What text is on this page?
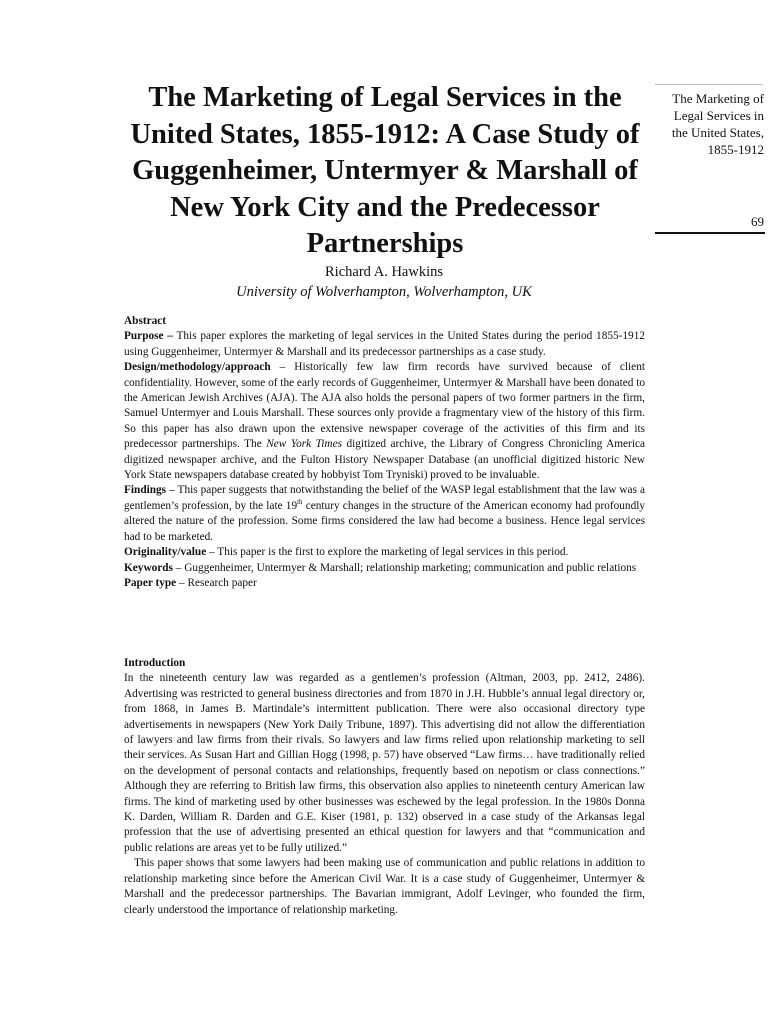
The Marketing of Legal Services in the
United States, 1855-1912: A Case Study of
Guggenheimer, Untermyer & Marshall of
New York City and the Predecessor
Partnerships
Richard A. Hawkins
University of Wolverhampton, Wolverhampton, UK
The Marketing of
Legal Services in
the United States,
1855-1912
69

Abstract

Purpose – This paper explores the marketing of legal services in the United States during the period 1855-1912 using Guggenheimer, Untermyer & Marshall and its predecessor partnerships as a case study.

Design/methodology/approach – Historically few law firm records have survived because of client confidentiality. However, some of the early records of Guggenheimer, Untermyer & Marshall have been donated to the American Jewish Archives (AJA). The AJA also holds the personal papers of two former partners in the firm, Samuel Untermyer and Louis Marshall. These sources only provide a fragmentary view of the history of this firm. So this paper has also drawn upon the extensive newspaper coverage of the activities of this firm and its predecessor partnerships. The New York Times digitized archive, the Library of Congress Chronicling America digitized newspaper archive, and the Fulton History Newspaper Database (an unofficial digitized historic New York State newspapers database created by hobbyist Tom Tryniski) proved to be invaluable.

Findings – This paper suggests that notwithstanding the belief of the WASP legal establishment that the law was a gentlemen’s profession, by the late 19th century changes in the structure of the American economy had profoundly altered the nature of the profession. Some firms considered the law had become a business. Hence legal services had to be marketed.

Originality/value – This paper is the first to explore the marketing of legal services in this period.

Keywords – Guggenheimer, Untermyer & Marshall; relationship marketing; communication and public relations

Paper type – Research paper

Introduction

In the nineteenth century law was regarded as a gentlemen’s profession (Altman, 2003, pp. 2412, 2486). Advertising was restricted to general business directories and from 1870 in J.H. Hubble’s annual legal directory or, from 1868, in James B. Martindale’s intermittent publication. There were also occasional directory type advertisements in newspapers (New York Daily Tribune, 1897). This advertising did not allow the differentiation of lawyers and law firms from their rivals. So lawyers and law firms relied upon relationship marketing to sell their services. As Susan Hart and Gillian Hogg (1998, p. 57) have observed “Law firms… have traditionally relied on the development of personal contacts and relationships, frequently based on nepotism or class connections.” Although they are referring to British law firms, this observation also applies to nineteenth century American law firms. The kind of marketing used by other businesses was eschewed by the legal profession. In the 1980s Donna K. Darden, William R. Darden and G.E. Kiser (1981, p. 132) observed in a case study of the Arkansas legal profession that the use of advertising presented an ethical question for lawyers and that “communication and public relations are areas yet to be fully utilized.”

This paper shows that some lawyers had been making use of communication and public relations in addition to relationship marketing since before the American Civil War. It is a case study of Guggenheimer, Untermyer & Marshall and the predecessor partnerships. The Bavarian immigrant, Adolf Levinger, who founded the firm, clearly understood the importance of relationship marketing.
